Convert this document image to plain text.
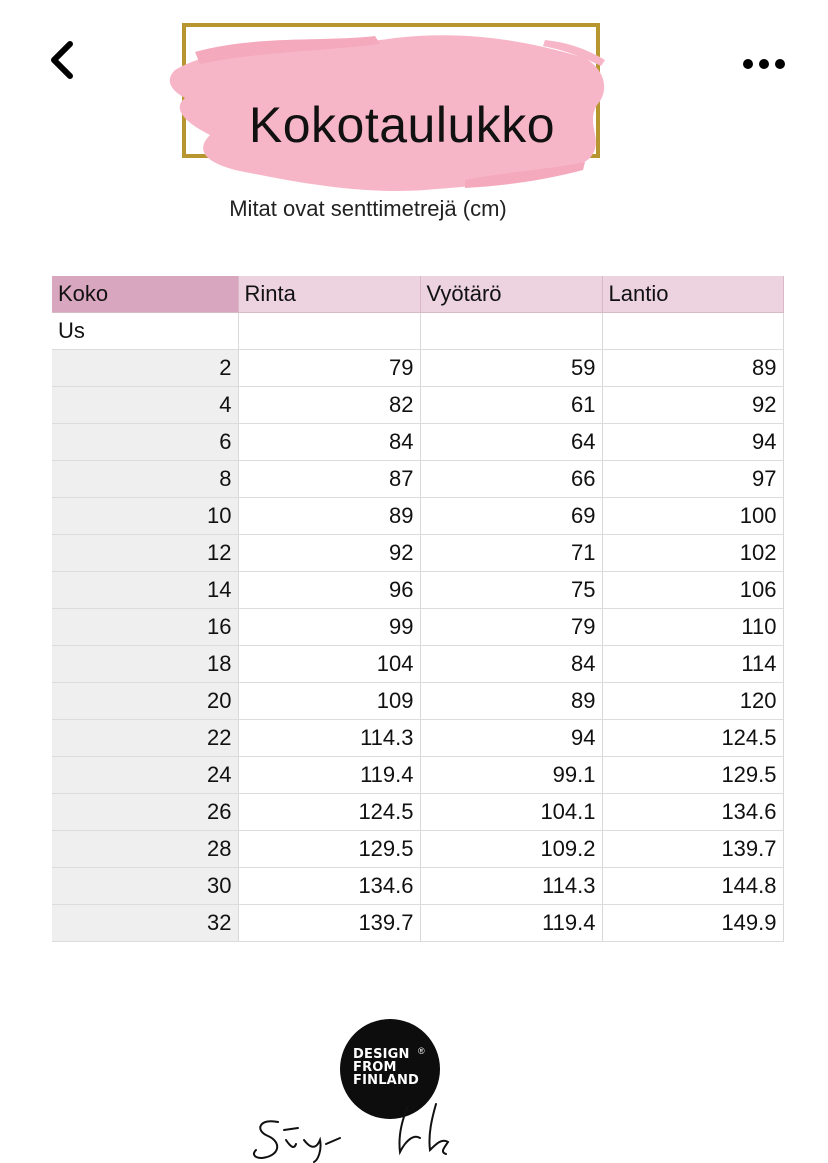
Kokotaulukko
Mitat ovat senttimetrejä (cm)
Koko	Rinta	Vyötärö	Lantio
Us			
2	79	59	89
4	82	61	92
6	84	64	94
8	87	66	97
10	89	69	100
12	92	71	102
14	96	75	106
16	99	79	110
18	104	84	114
20	109	89	120
22	114.3	94	124.5
24	119.4	99.1	129.5
26	124.5	104.1	134.6
28	129.5	109.2	139.7
30	134.6	114.3	144.8
32	139.7	119.4	149.9
DESIGN
FROM
FINLAND
®
